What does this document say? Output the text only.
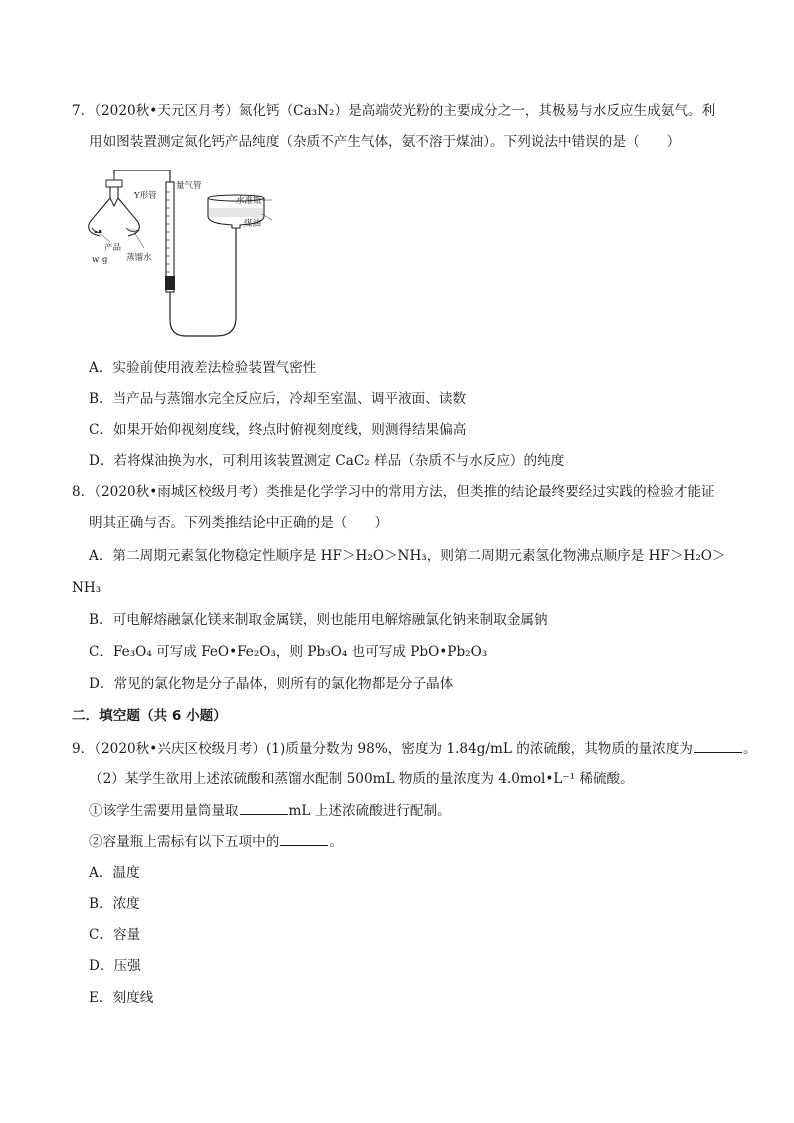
7．（2020秋•天元区月考）氮化钙（Ca₃N₂）是高端荧光粉的主要成分之一，其极易与水反应生成氨气。利
用如图装置测定氮化钙产品纯度（杂质不产生气体，氨不溶于煤油）。下列说法中错误的是（　　）
Y形管
量气管
水准瓶
煤油
产品
w g 蒸馏水
A．实验前使用液差法检验装置气密性
B．当产品与蒸馏水完全反应后，冷却至室温、调平液面、读数
C．如果开始仰视刻度线，终点时俯视刻度线，则测得结果偏高
D．若将煤油换为水，可利用该装置测定 CaC₂ 样品（杂质不与水反应）的纯度
8．（2020秋•雨城区校级月考）类推是化学学习中的常用方法，但类推的结论最终要经过实践的检验才能证
明其正确与否。下列类推结论中正确的是（　　）
A．第二周期元素氢化物稳定性顺序是 HF＞H₂O＞NH₃，则第二周期元素氢化物沸点顺序是 HF＞H₂O＞
NH₃
B．可电解熔融氯化镁来制取金属镁，则也能用电解熔融氯化钠来制取金属钠
C．Fe₃O₄ 可写成 FeO•Fe₂O₃，则 Pb₃O₄ 也可写成 PbO•Pb₂O₃
D．常见的氯化物是分子晶体，则所有的氯化物都是分子晶体
二．填空题（共 6 小题）
9．（2020秋•兴庆区校级月考）(1)质量分数为 98%，密度为 1.84g/mL 的浓硫酸，其物质的量浓度为	。
（2）某学生欲用上述浓硫酸和蒸馏水配制 500mL 物质的量浓度为 4.0mol•L⁻¹ 稀硫酸。
①该学生需要用量筒量取	mL 上述浓硫酸进行配制。
②容量瓶上需标有以下五项中的	。
A．温度
B．浓度
C．容量
D．压强
E．刻度线
